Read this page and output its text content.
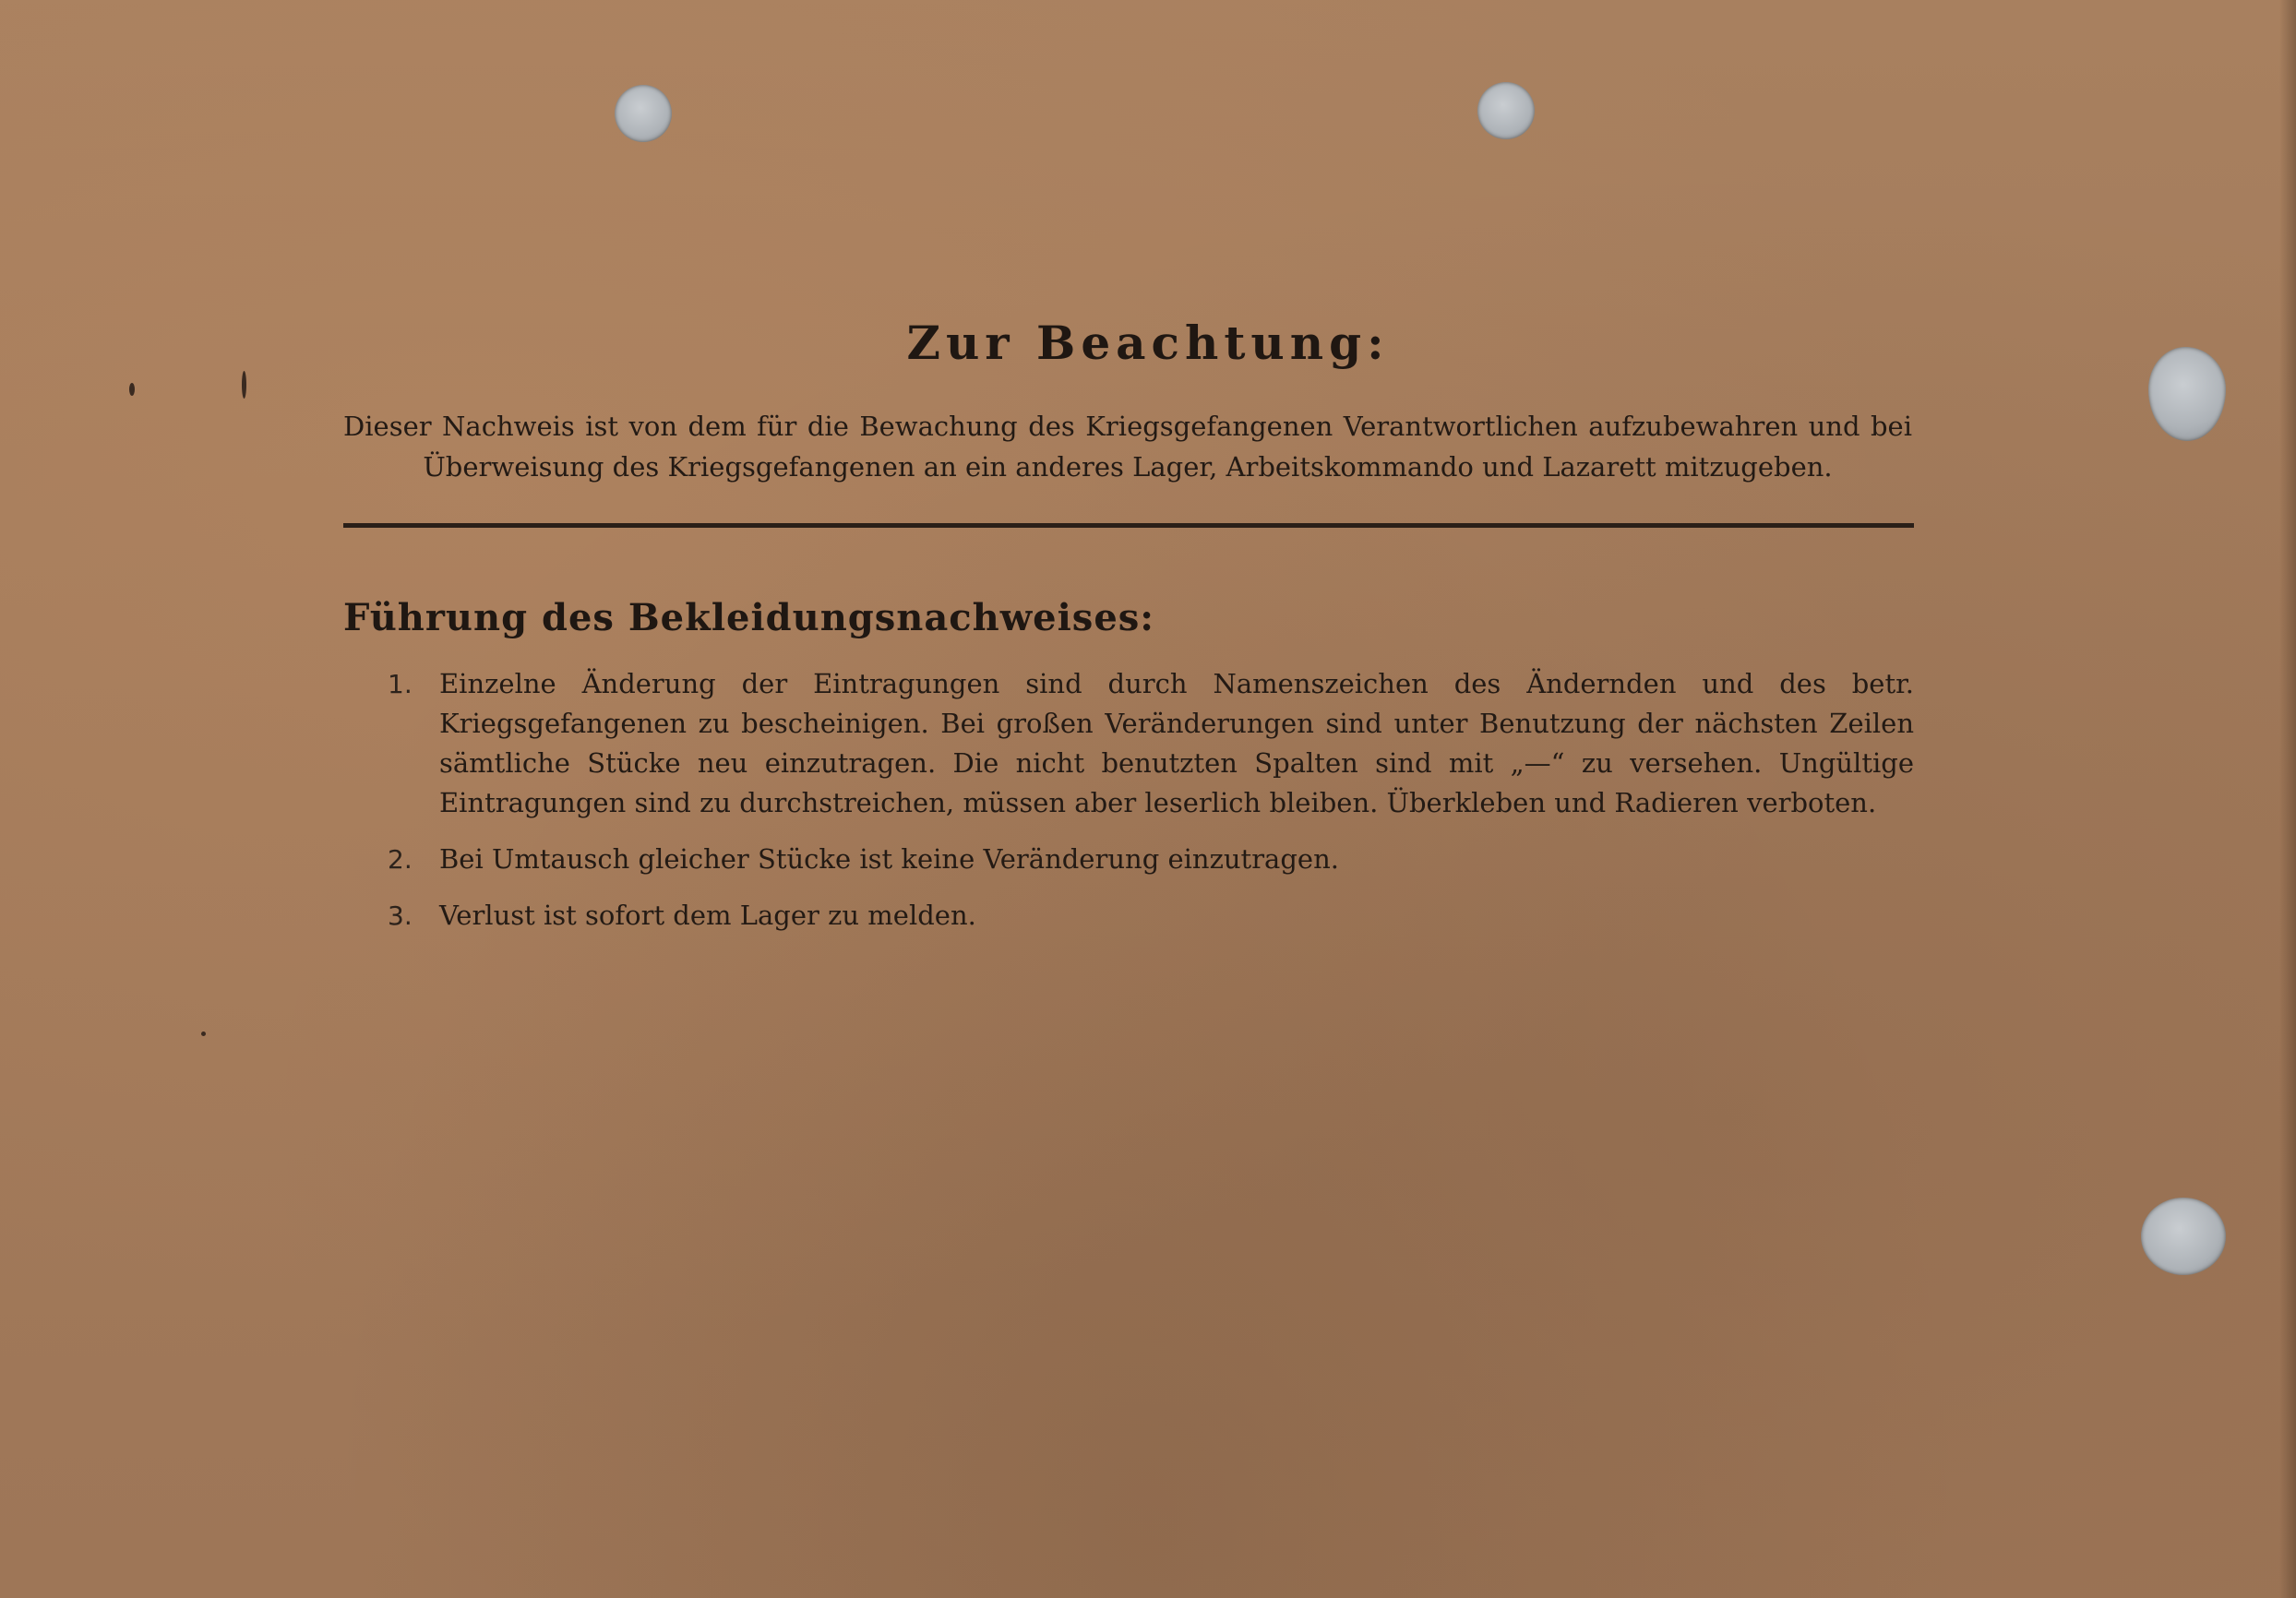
Zur Beachtung:
Dieser Nachweis ist von dem für die Bewachung des Kriegsgefangenen Verantwortlichen aufzubewahren und bei Überweisung des Kriegsgefangenen an ein anderes Lager, Arbeitskommando und Lazarett mitzugeben.
Führung des Bekleidungsnachweises:
1. Einzelne Änderung der Eintragungen sind durch Namenszeichen des Ändernden und des betr. Kriegsgefangenen zu bescheinigen. Bei großen Veränderungen sind unter Benutzung der nächsten Zeilen sämtliche Stücke neu einzutragen. Die nicht benutzten Spalten sind mit „—“ zu versehen. Ungültige Eintragungen sind zu durchstreichen, müssen aber leserlich bleiben. Überkleben und Radieren verboten.
2. Bei Umtausch gleicher Stücke ist keine Veränderung einzutragen.
3. Verlust ist sofort dem Lager zu melden.
